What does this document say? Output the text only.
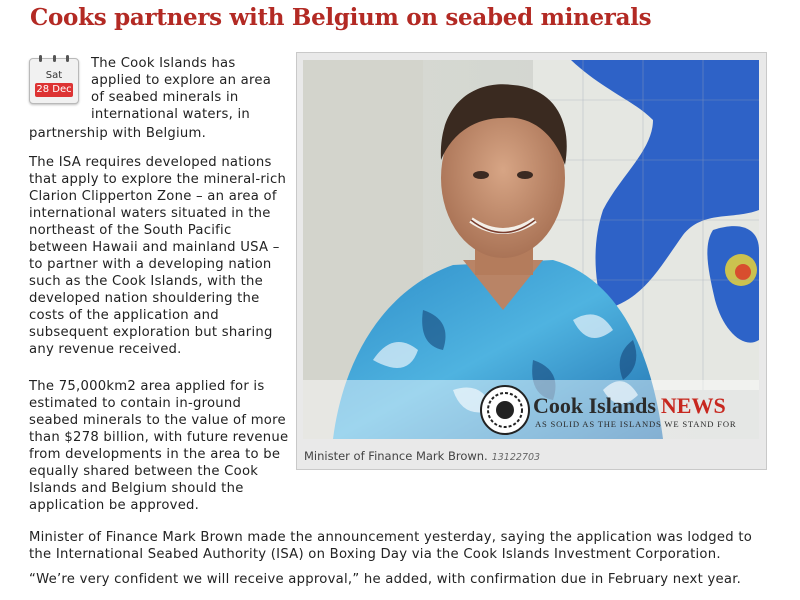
Cooks partners with Belgium on seabed minerals
Sat
28 Dec

The Cook Islands has applied to explore an area of seabed minerals in international waters, in

partnership with Belgium.

The ISA requires developed nations that apply to explore the mineral-rich Clarion Clipperton Zone – an area of international waters situated in the northeast of the South Pacific between Hawaii and mainland USA – to partner with a developing nation such as the Cook Islands, with the developed nation shouldering the costs of the application and subsequent exploration but sharing any revenue received.

The 75,000km2 area applied for is estimated to contain in-ground seabed minerals to the value of more than $278 billion, with future revenue from developments in the area to be equally shared between the Cook Islands and Belgium should the application be approved.

Cook Islands NEWS
AS SOLID AS THE ISLANDS WE STAND FOR
Minister of Finance Mark Brown. 13122703

Minister of Finance Mark Brown made the announcement yesterday, saying the application was lodged to the International Seabed Authority (ISA) on Boxing Day via the Cook Islands Investment Corporation.

“We’re very confident we will receive approval,” he added, with confirmation due in February next year.
